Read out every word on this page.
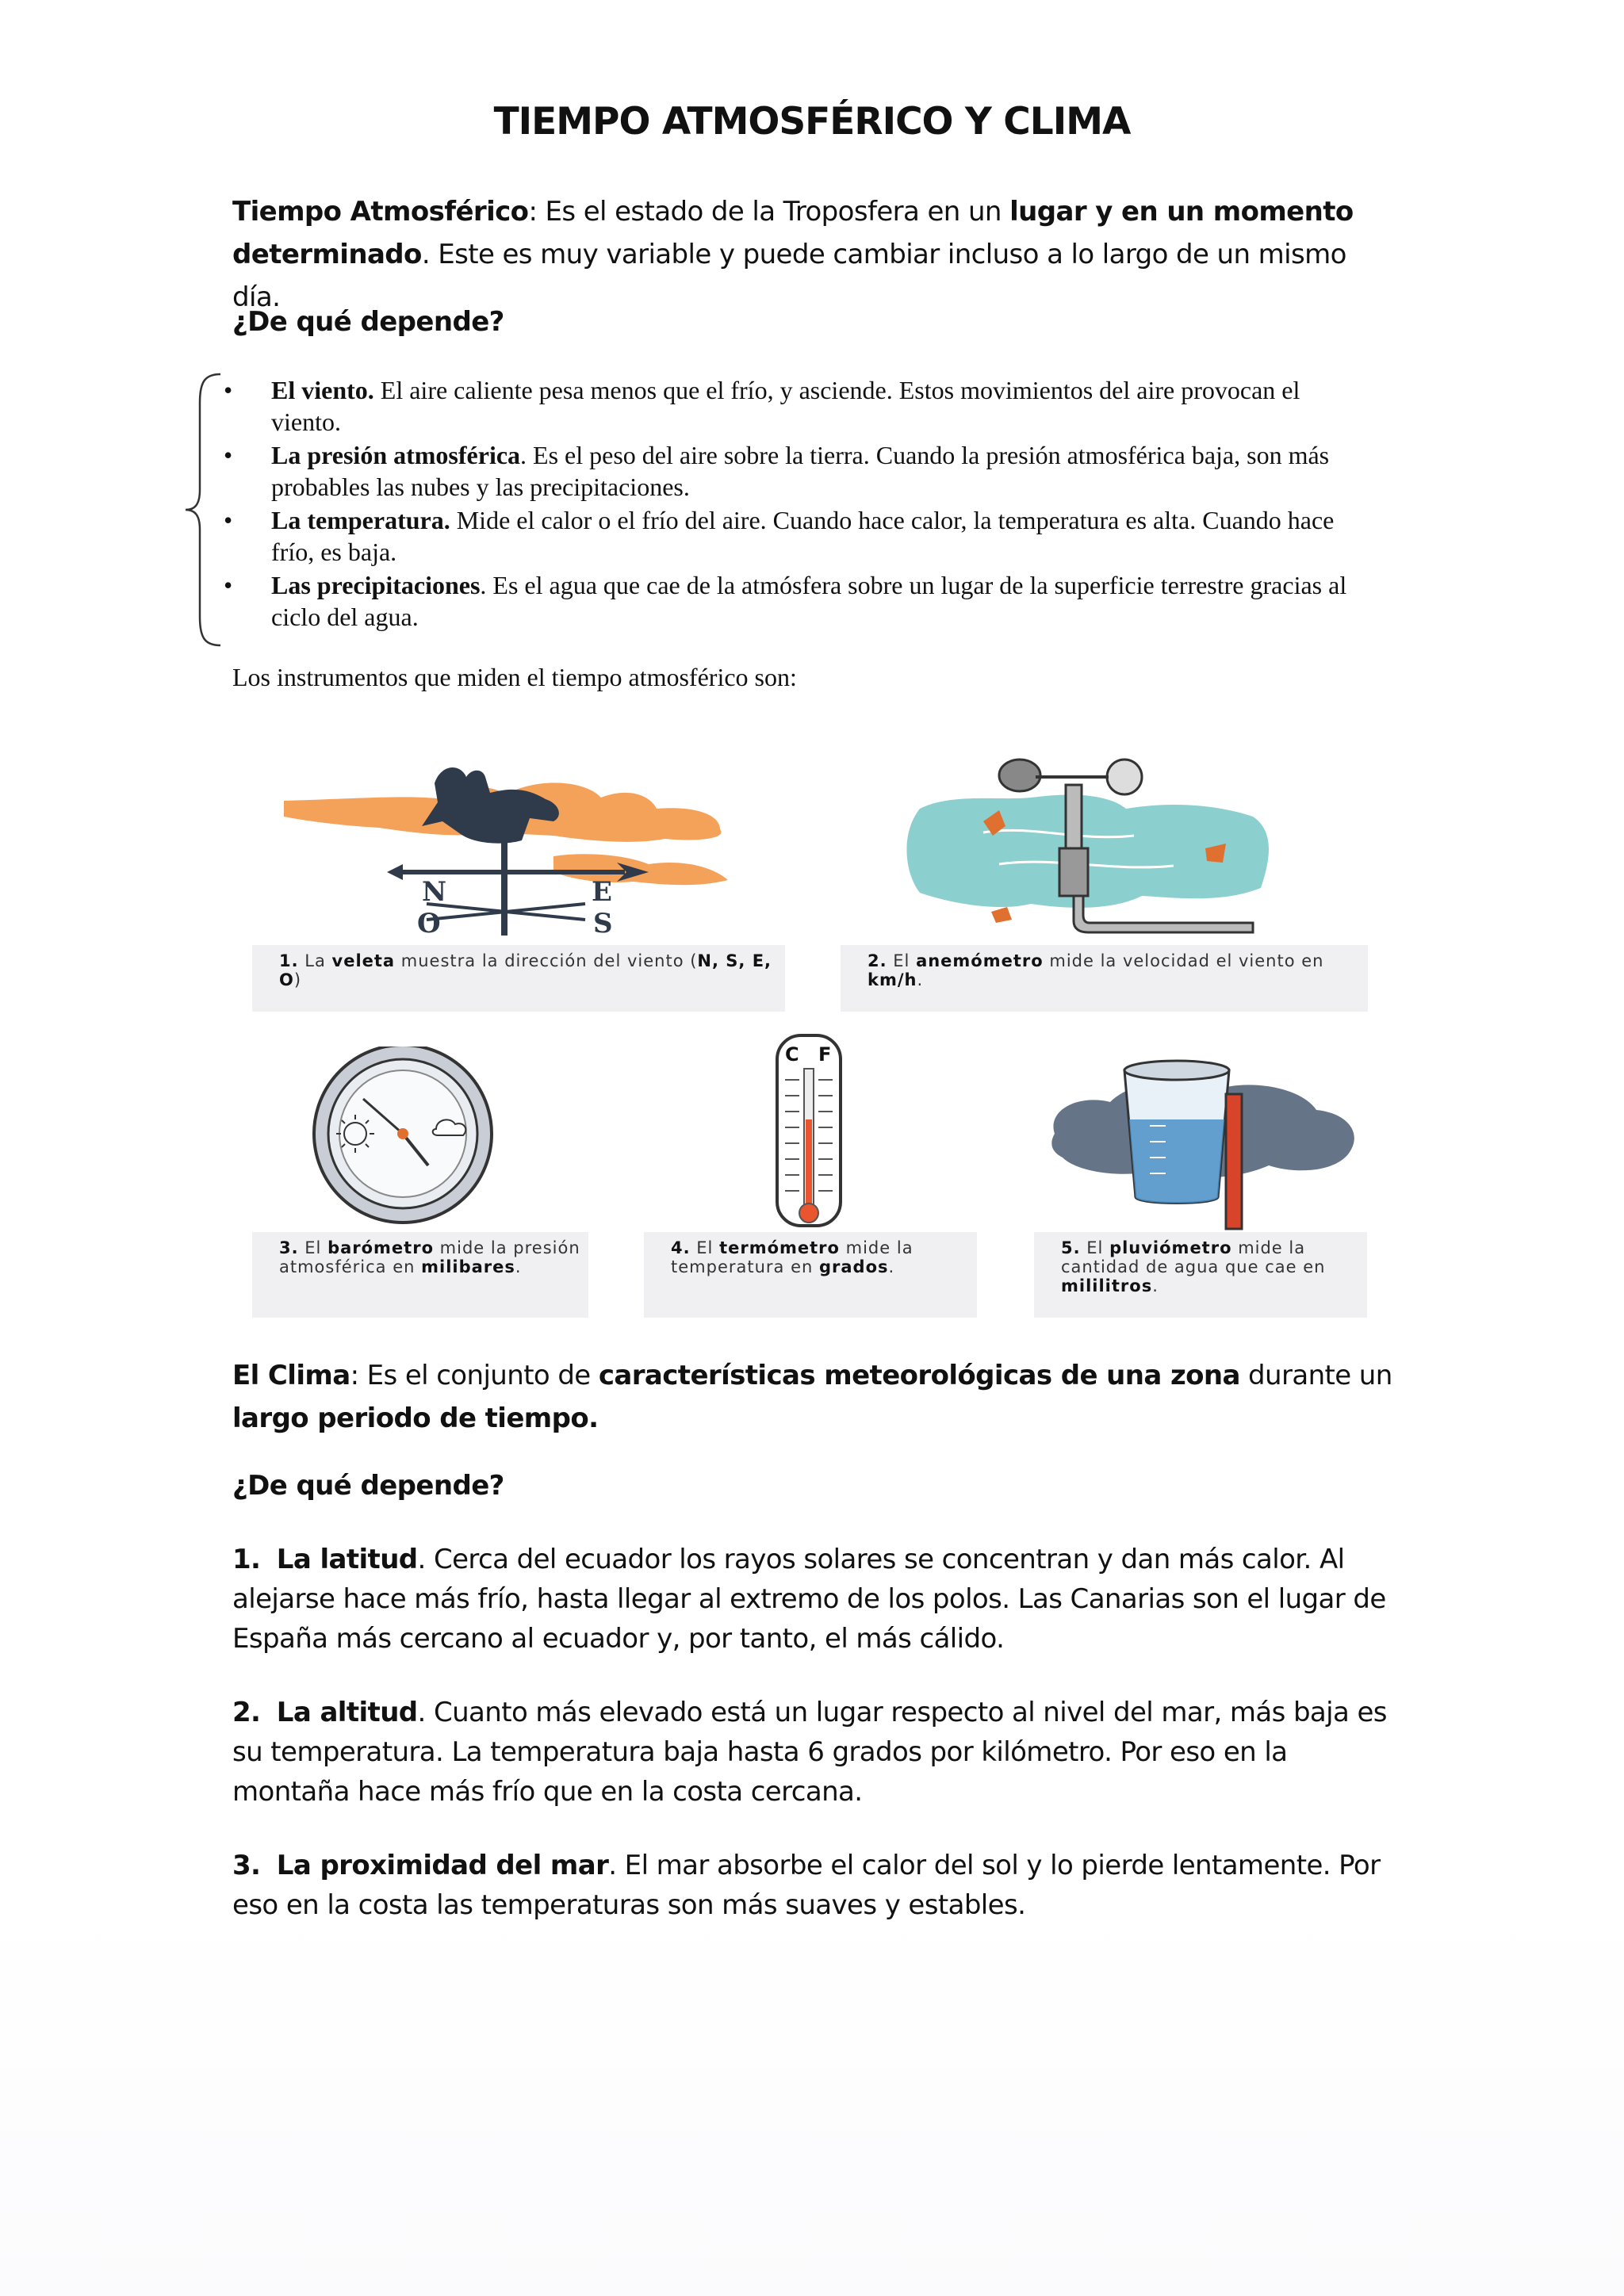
TIEMPO ATMOSFÉRICO Y CLIMA
Tiempo Atmosférico: Es el estado de la Troposfera en un lugar y en un momento
determinado. Este es muy variable y puede cambiar incluso a lo largo de un mismo día.
¿De qué depende?
• El viento. El aire caliente pesa menos que el frío, y asciende. Estos movimientos del aire provocan el viento.
• La presión atmosférica. Es el peso del aire sobre la tierra. Cuando la presión atmosférica baja, son más probables las nubes y las precipitaciones.
• La temperatura. Mide el calor o el frío del aire. Cuando hace calor, la temperatura es alta. Cuando hace frío, es baja.
• Las precipitaciones. Es el agua que cae de la atmósfera sobre un lugar de la superficie terrestre gracias al ciclo del agua.
Los instrumentos que miden el tiempo atmosférico son:
N	E
O	S
1. La veleta muestra la dirección del viento (N, S, E, O)
2. El anemómetro mide la velocidad el viento en km/h.
3. El barómetro mide la presión atmosférica en milibares.
C F
4. El termómetro mide la temperatura en grados.
5. El pluviómetro mide la cantidad de agua que cae en mililitros.
El Clima: Es el conjunto de características meteorológicas de una zona durante un largo periodo de tiempo.
¿De qué depende?
1. La latitud. Cerca del ecuador los rayos solares se concentran y dan más calor. Al alejarse hace más frío, hasta llegar al extremo de los polos. Las Canarias son el lugar de España más cercano al ecuador y, por tanto, el más cálido.
2. La altitud. Cuanto más elevado está un lugar respecto al nivel del mar, más baja es su temperatura. La temperatura baja hasta 6 grados por kilómetro. Por eso en la montaña hace más frío que en la costa cercana.
3. La proximidad del mar. El mar absorbe el calor del sol y lo pierde lentamente. Por eso en la costa las temperaturas son más suaves y estables.
